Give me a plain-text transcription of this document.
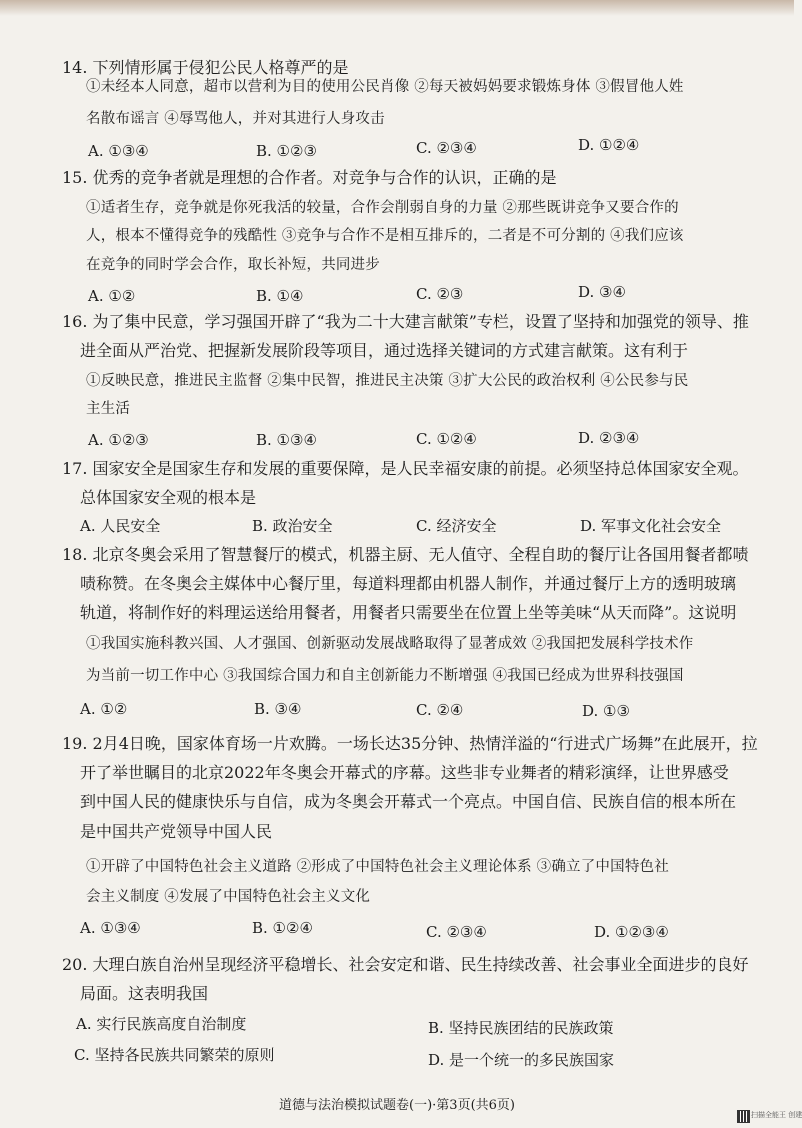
14. 下列情形属于侵犯公民人格尊严的是
①未经本人同意，超市以营利为目的使用公民肖像 ②每天被妈妈要求锻炼身体 ③假冒他人姓
名散布谣言 ④辱骂他人，并对其进行人身攻击
A. ①③④	B. ①②③	C. ②③④	D. ①②④
15. 优秀的竞争者就是理想的合作者。对竞争与合作的认识，正确的是
①适者生存，竞争就是你死我活的较量，合作会削弱自身的力量 ②那些既讲竞争又要合作的
人，根本不懂得竞争的残酷性 ③竞争与合作不是相互排斥的，二者是不可分割的 ④我们应该
在竞争的同时学会合作，取长补短，共同进步
A. ①②	B. ①④	C. ②③	D. ③④
16. 为了集中民意，学习强国开辟了“我为二十大建言献策”专栏，设置了坚持和加强党的领导、推
进全面从严治党、把握新发展阶段等项目，通过选择关键词的方式建言献策。这有利于
①反映民意，推进民主监督 ②集中民智，推进民主决策 ③扩大公民的政治权利 ④公民参与民
主生活
A. ①②③	B. ①③④	C. ①②④	D. ②③④
17. 国家安全是国家生存和发展的重要保障，是人民幸福安康的前提。必须坚持总体国家安全观。
总体国家安全观的根本是
A. 人民安全	B. 政治安全	C. 经济安全	D. 军事文化社会安全
18. 北京冬奥会采用了智慧餐厅的模式，机器主厨、无人值守、全程自助的餐厅让各国用餐者都啧
啧称赞。在冬奥会主媒体中心餐厅里，每道料理都由机器人制作，并通过餐厅上方的透明玻璃
轨道，将制作好的料理运送给用餐者，用餐者只需要坐在位置上坐等美味“从天而降”。这说明
①我国实施科教兴国、人才强国、创新驱动发展战略取得了显著成效 ②我国把发展科学技术作
为当前一切工作中心 ③我国综合国力和自主创新能力不断增强 ④我国已经成为世界科技强国
A. ①②	B. ③④	C. ②④	D. ①③
19. 2月4日晚，国家体育场一片欢腾。一场长达35分钟、热情洋溢的“行进式广场舞”在此展开，拉
开了举世瞩目的北京2022年冬奥会开幕式的序幕。这些非专业舞者的精彩演绎，让世界感受
到中国人民的健康快乐与自信，成为冬奥会开幕式一个亮点。中国自信、民族自信的根本所在
是中国共产党领导中国人民
①开辟了中国特色社会主义道路 ②形成了中国特色社会主义理论体系 ③确立了中国特色社
会主义制度 ④发展了中国特色社会主义文化
A. ①③④	B. ①②④	C. ②③④	D. ①②③④
20. 大理白族自治州呈现经济平稳增长、社会安定和谐、民生持续改善、社会事业全面进步的良好
局面。这表明我国
A. 实行民族高度自治制度	B. 坚持民族团结的民族政策
C. 坚持各民族共同繁荣的原则	D. 是一个统一的多民族国家
道德与法治模拟试题卷(一)·第3页(共6页)
扫描全能王 创建
